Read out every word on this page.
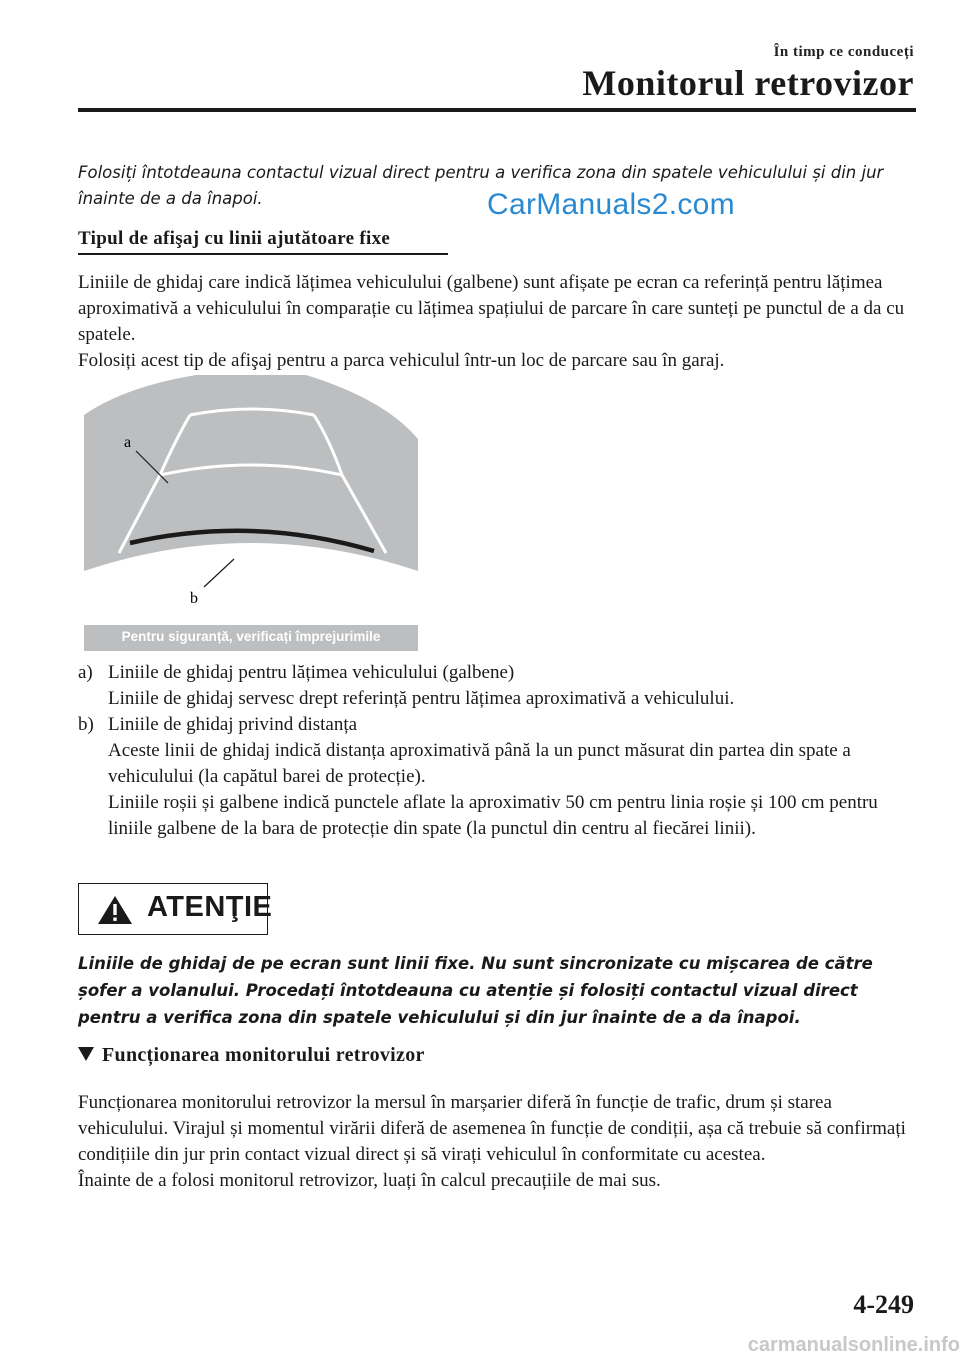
În timp ce conduceți
Monitorul retrovizor
Folosiți întotdeauna contactul vizual direct pentru a verifica zona din spatele vehiculului și din jur înainte de a da înapoi.	CarManuals2.com
Tipul de afişaj cu linii ajutătoare fixe
Liniile de ghidaj care indică lățimea vehiculului (galbene) sunt afișate pe ecran ca referință pentru lățimea aproximativă a vehiculului în comparație cu lățimea spațiului de parcare în care sunteți pe punctul de a da cu spatele.
Folosiți acest tip de afişaj pentru a parca vehiculul într-un loc de parcare sau în garaj.
a
b
Pentru siguranță, verificați împrejurimile
a) Liniile de ghidaj pentru lățimea vehiculului (galbene)
Liniile de ghidaj servesc drept referință pentru lățimea aproximativă a vehiculului.
b) Liniile de ghidaj privind distanța
Aceste linii de ghidaj indică distanța aproximativă până la un punct măsurat din partea din spate a vehiculului (la capătul barei de protecție).
Liniile roșii și galbene indică punctele aflate la aproximativ 50 cm pentru linia roșie și 100 cm pentru liniile galbene de la bara de protecție din spate (la punctul din centru al fiecărei linii).
ATENŢIE
Liniile de ghidaj de pe ecran sunt linii fixe. Nu sunt sincronizate cu mișcarea de către șofer a volanului. Procedați întotdeauna cu atenție și folosiți contactul vizual direct pentru a verifica zona din spatele vehiculului și din jur înainte de a da înapoi.
Funcționarea monitorului retrovizor
Funcționarea monitorului retrovizor la mersul în marșarier diferă în funcție de trafic, drum și starea vehiculului. Virajul și momentul virării diferă de asemenea în funcție de condiții, așa că trebuie să confirmați condițiile din jur prin contact vizual direct și să virați vehiculul în conformitate cu acestea.
Înainte de a folosi monitorul retrovizor, luați în calcul precauțiile de mai sus.
4-249
carmanualsonline.info
